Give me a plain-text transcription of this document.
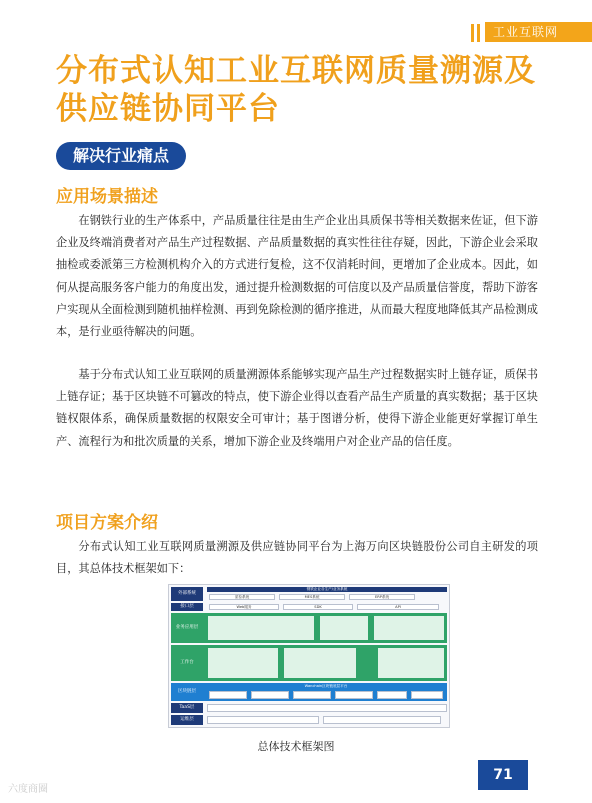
工业互联网
分布式认知工业互联网质量溯源及供应链协同平台
解决行业痛点
应用场景描述

在钢铁行业的生产体系中，产品质量往往是由生产企业出具质保书等相关数据来佐证，但下游企业及终端消费者对产品生产过程数据、产品质量数据的真实性往往存疑，因此，下游企业会采取抽检或委派第三方检测机构介入的方式进行复检，这不仅消耗时间，更增加了企业成本。因此，如何从提高服务客户能力的角度出发，通过提升检测数据的可信度以及产品质量信誉度，帮助下游客户实现从全面检测到随机抽样检测、再到免除检测的循序推进，从而最大程度地降低其产品检测成本，是行业亟待解决的问题。

基于分布式认知工业互联网的质量溯源体系能够实现产品生产过程数据实时上链存证，质保书上链存证；基于区块链不可篡改的特点，使下游企业得以查看产品生产质量的真实数据；基于区块链权限体系，确保质量数据的权限安全可审计；基于图谱分析，使得下游企业能更好掌握订单生产、流程行为和批次质量的关系，增加下游企业及终端用户对企业产品的信任度。

项目方案介绍

分布式认知工业互联网质量溯源及供应链协同平台为上海万向区块链股份公司自主研发的项目，其总体技术框架如下：

外部系统
钢铁企业各生产/业务系统
质检系统	MES系统	ERP系统
接口层	Web服务	SDK	API
业务应用层
工作台
区块链层
Wanchain区块链底层平台
TaaS层
运维层
总体技术框架图
71
六度商圈
